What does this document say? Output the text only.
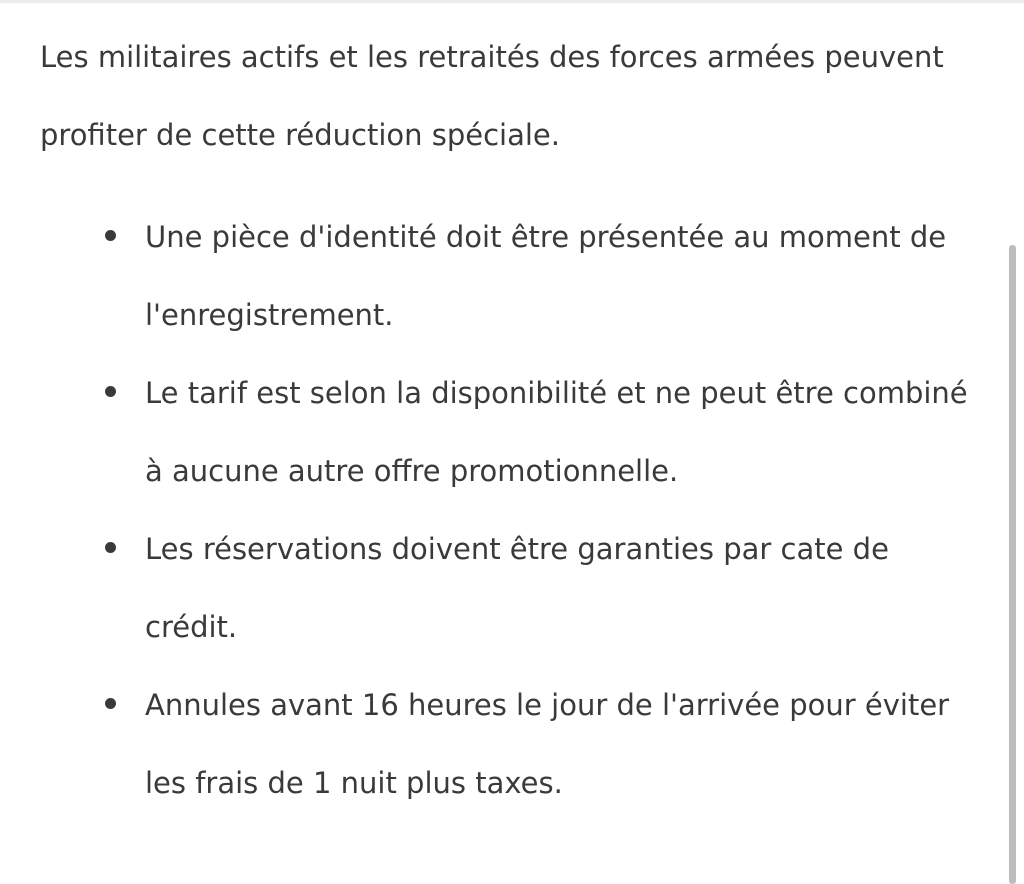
Les militaires actifs et les retraités des forces armées peuvent profiter de cette réduction spéciale.

Une pièce d'identité doit être présentée au moment de l'enregistrement.
Le tarif est selon la disponibilité et ne peut être combiné à aucune autre offre promotionnelle.
Les réservations doivent être garanties par cate de crédit.
Annules avant 16 heures le jour de l'arrivée pour éviter les frais de 1 nuit plus taxes.
